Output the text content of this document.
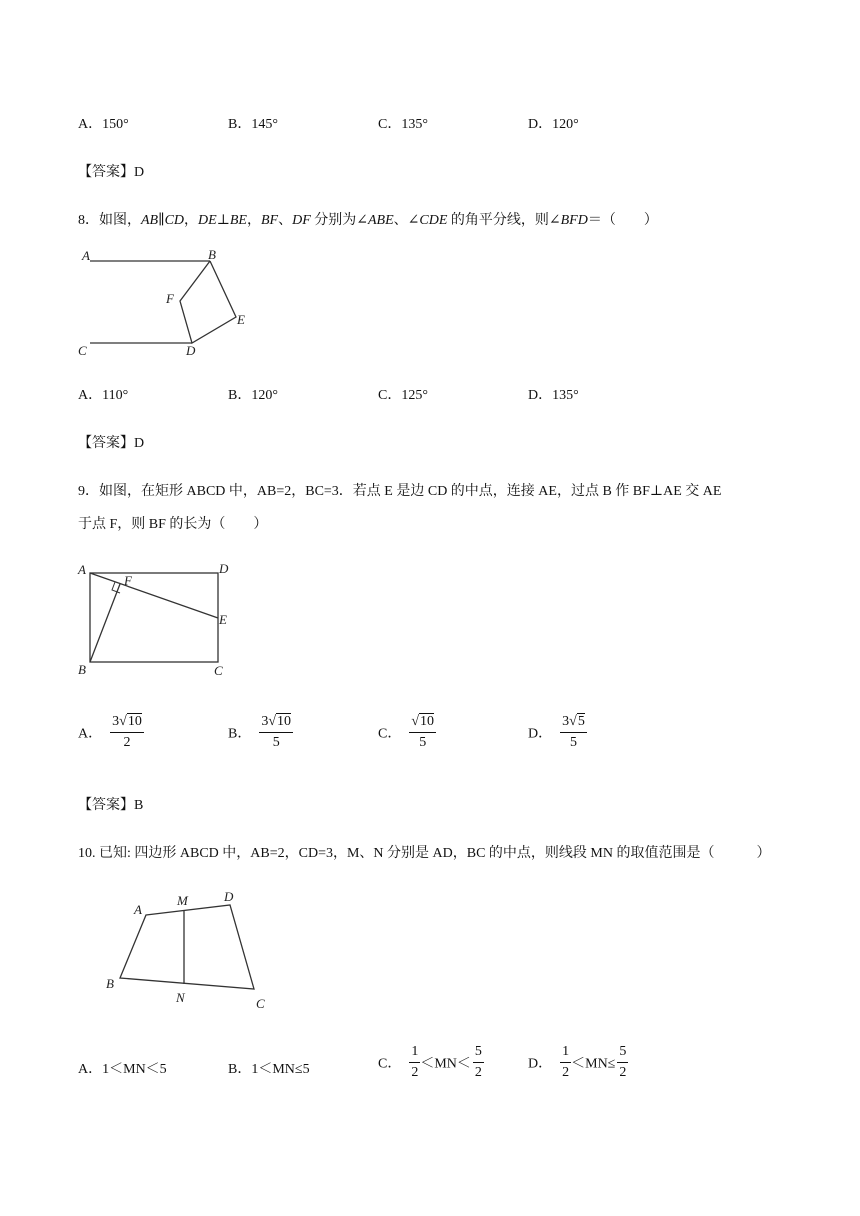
A．150°	B．145°	C．135°	D．120°
【答案】D
8．如图，AB∥CD，DE⊥BE，BF、DF 分别为∠ABE、∠CDE 的角平分线，则∠BFD＝（　　）
A	B
F
E
C	D
A．110°	B．120°	C．125°	D．135°
【答案】D
9．如图，在矩形 ABCD 中，AB=2，BC=3．若点 E 是边 CD 的中点，连接 AE，过点 B 作 BF⊥AE 交 AE
于点 F，则 BF 的长为（　　）
A
F
D
E
B	C
A． $\frac{3√10}{2}$	B． $\frac{3√10}{5}$	C． $\frac{√10}{5}$	D． $\frac{3√5}{5}$
【答案】B
10. 已知: 四边形 ABCD 中，AB=2，CD=3，M、N 分别是 AD，BC 的中点，则线段 MN 的取值范围是（　　　）
A
M	D
B
N	C
A．1＜MN＜5	B．1＜MN≤5	C． $\frac{1}{2} <MN< \frac{5}{2}$	D． $\frac{1}{2} <MN\le \frac{5}{2}$
